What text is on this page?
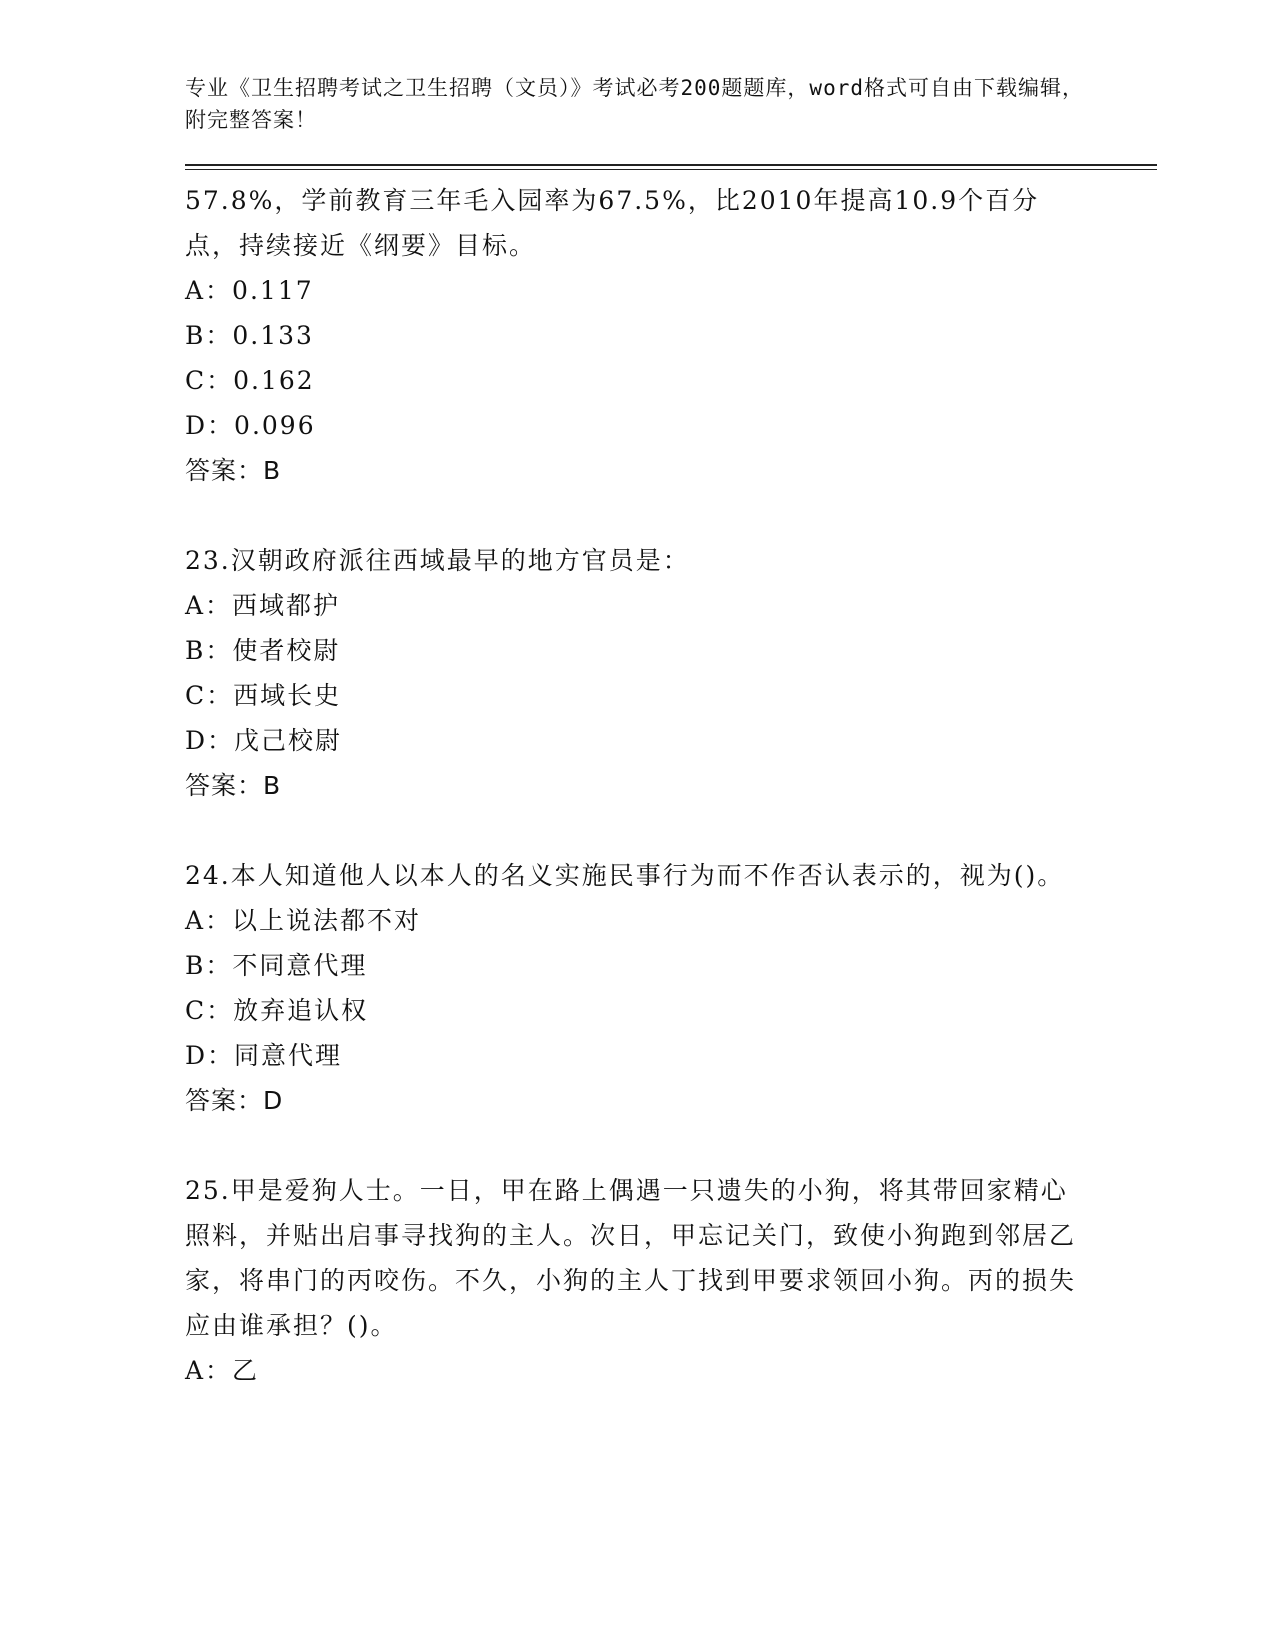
专业《卫生招聘考试之卫生招聘（文员）》考试必考200题题库，word格式可自由下载编辑，附完整答案！
57.8%，学前教育三年毛入园率为67.5%，比2010年提高10.9个百分点，持续接近《纲要》目标。
A：0.117
B：0.133
C：0.162
D：0.096
答案：B
23.汉朝政府派往西域最早的地方官员是：
A：西域都护
B：使者校尉
C：西域长史
D：戊己校尉
答案：B
24.本人知道他人以本人的名义实施民事行为而不作否认表示的，视为()。
A：以上说法都不对
B：不同意代理
C：放弃追认权
D：同意代理
答案：D
25.甲是爱狗人士。一日，甲在路上偶遇一只遗失的小狗，将其带回家精心照料，并贴出启事寻找狗的主人。次日，甲忘记关门，致使小狗跑到邻居乙家，将串门的丙咬伤。不久，小狗的主人丁找到甲要求领回小狗。丙的损失应由谁承担？()。
A：乙
